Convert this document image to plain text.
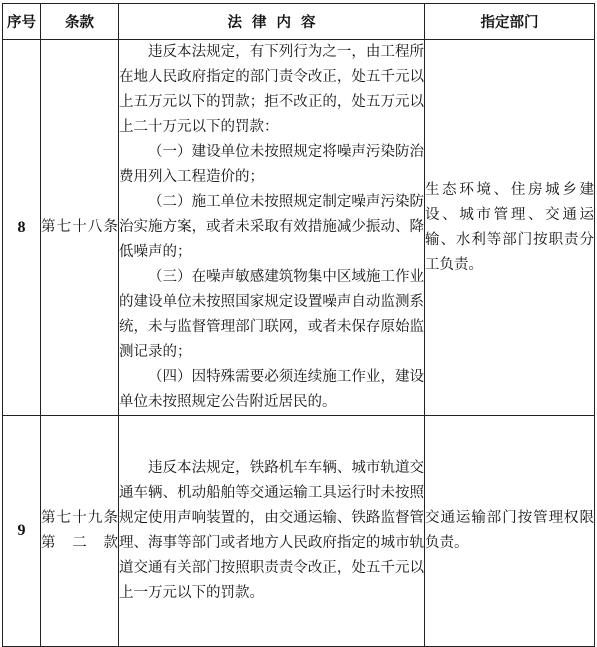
序号	条款	法律内容	指定部门
8	第七十八条	违反本法规定，有下列行为之一，由工程所在地人民政府指定的部门责令改正，处五千元以上五万元以下的罚款；拒不改正的，处五万元以上二十万元以下的罚款：

（一）建设单位未按照规定将噪声污染防治费用列入工程造价的；

（二）施工单位未按照规定制定噪声污染防治实施方案，或者未采取有效措施减少振动、降低噪声的；

（三）在噪声敏感建筑物集中区域施工作业的建设单位未按照国家规定设置噪声自动监测系统，未与监督管理部门联网，或者未保存原始监测记录的；

（四）因特殊需要必须连续施工作业，建设单位未按照规定公告附近居民的。	生态环境、住房城乡建设、城市管理、交通运输、水利等部门按职责分工负责。
9	第七十九条第二款	违反本法规定，铁路机车车辆、城市轨道交通车辆、机动船舶等交通运输工具运行时未按照规定使用声响装置的，由交通运输、铁路监督管理、海事等部门或者地方人民政府指定的城市轨道交通有关部门按照职责责令改正，处五千元以上一万元以下的罚款。	交通运输部门按管理权限负责。
